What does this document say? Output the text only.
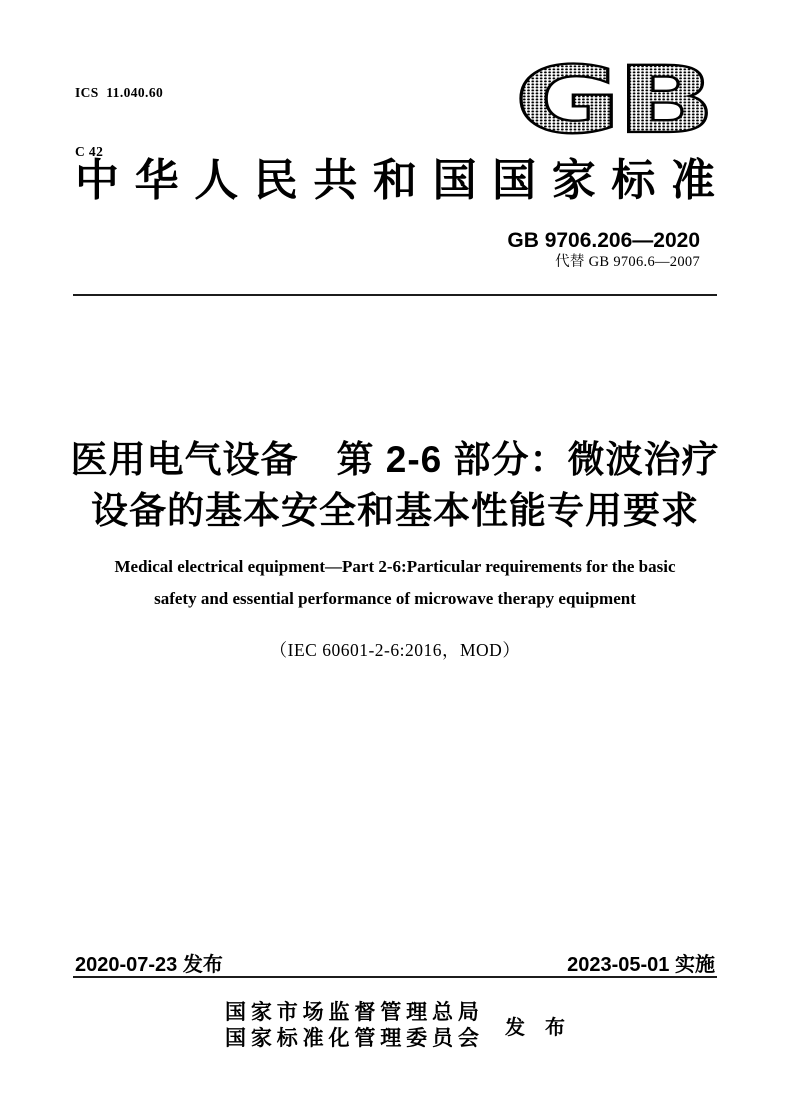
ICS  11.040.60

C 42

	GB
中 华 人 民 共 和 国 国 家 标 准
GB 9706.206—2020
代替 GB 9706.6—2007
医用电气设备　第 2-6 部分：微波治疗
设备的基本安全和基本性能专用要求
Medical electrical equipment—Part 2-6:Particular requirements for the basic
safety and essential performance of microwave therapy equipment
（IEC 60601-2-6:2016，MOD）
2020-07-23 发布	2023-05-01 实施
国 家 市 场 监 督 管 理 总 局
国 家 标 准 化 管 理 委 员 会 发 布
